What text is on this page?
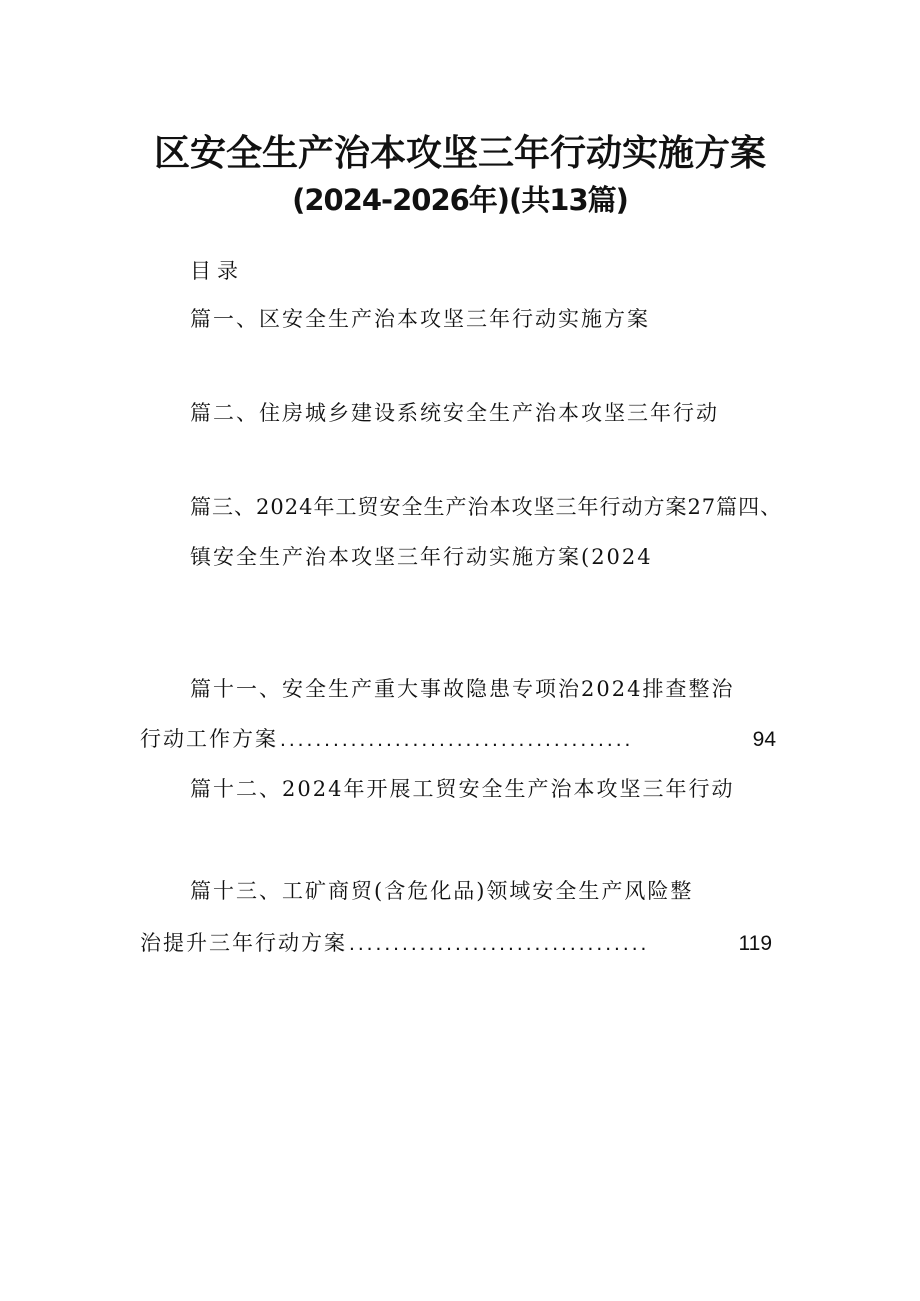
区安全生产治本攻坚三年行动实施方案
(2024-2026年)(共13篇)
目录
篇一、区安全生产治本攻坚三年行动实施方案
篇二、住房城乡建设系统安全生产治本攻坚三年行动
篇三、2024年工贸安全生产治本攻坚三年行动方案27篇四、
镇安全生产治本攻坚三年行动实施方案(2024
篇十一、安全生产重大事故隐患专项治2024排查整治
行动工作方案 ........................................	94
篇十二、2024年开展工贸安全生产治本攻坚三年行动
篇十三、工矿商贸(含危化品)领域安全生产风险整
治提升三年行动方案 ..................................	119
